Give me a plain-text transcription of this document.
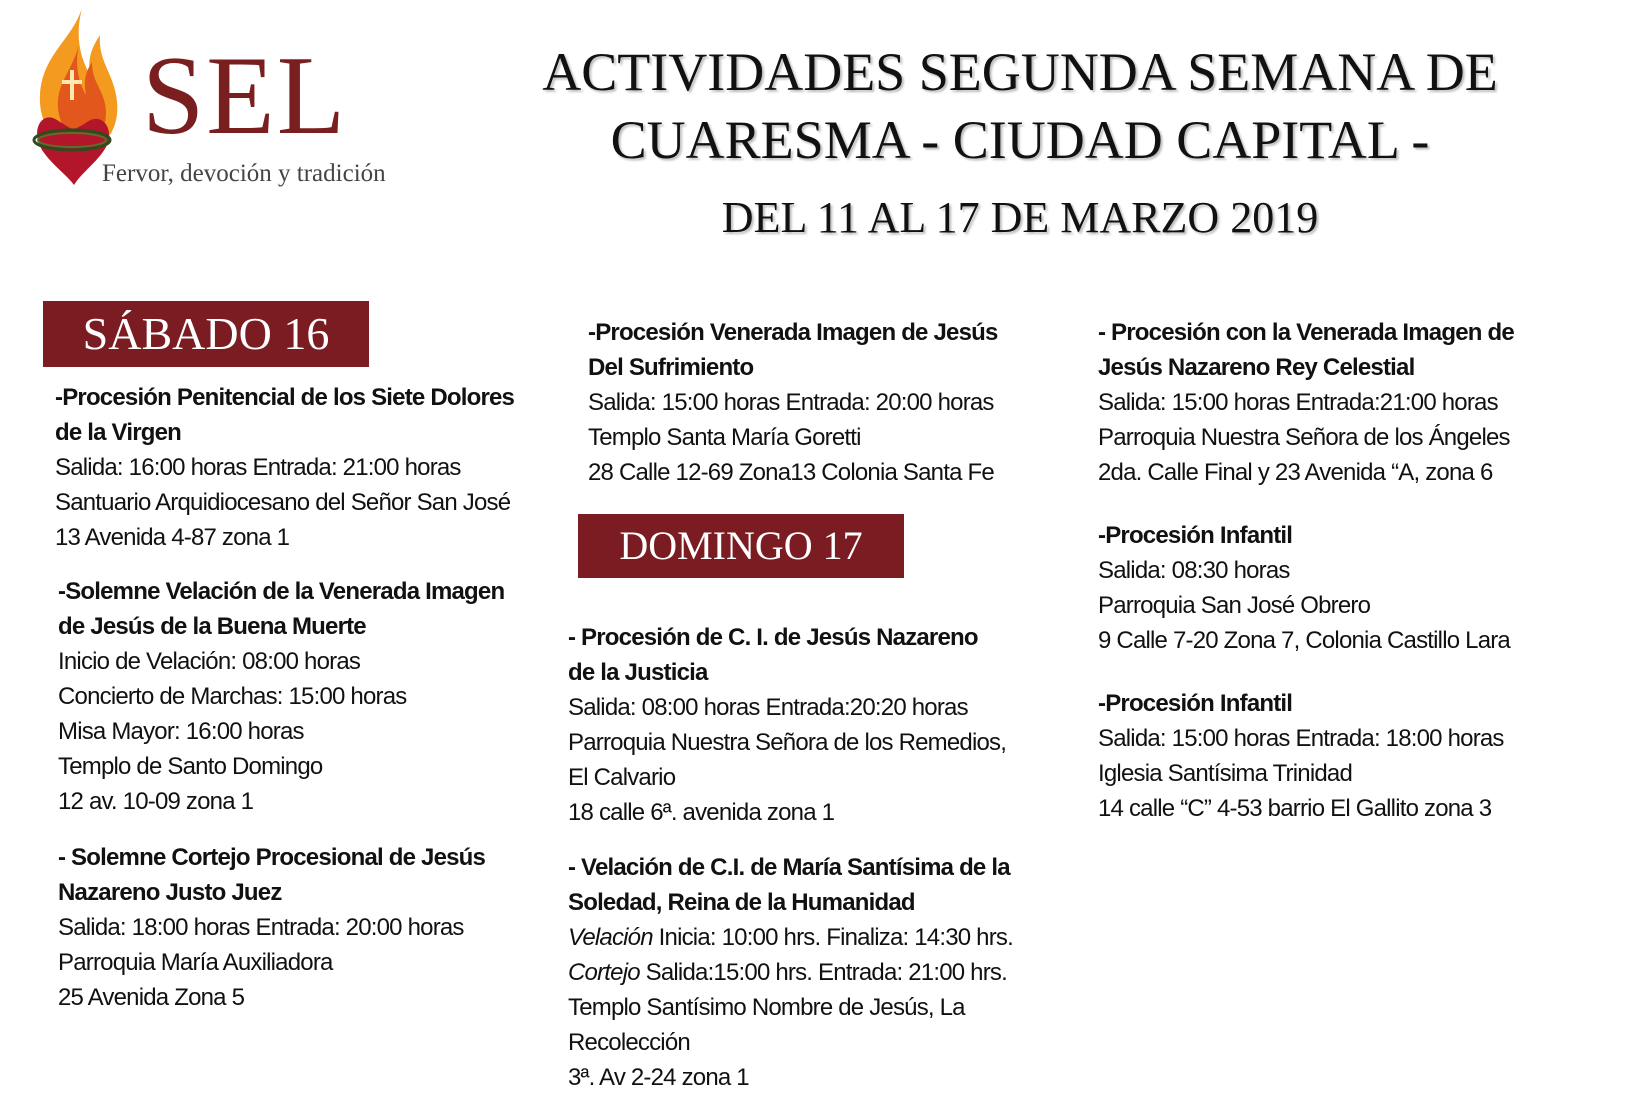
SEL
Fervor, devoción y tradición
ACTIVIDADES SEGUNDA SEMANA DE
CUARESMA - CIUDAD CAPITAL -
DEL 11 AL 17 DE MARZO 2019
SÁBADO 16
DOMINGO 17
-Procesión Penitencial de los Siete Dolores
de la Virgen
Salida: 16:00 horas Entrada: 21:00 horas
Santuario Arquidiocesano del Señor San José
13 Avenida 4-87 zona 1
-Solemne Velación de la Venerada Imagen
de Jesús de la Buena Muerte
Inicio de Velación: 08:00 horas
Concierto de Marchas: 15:00 horas
Misa Mayor: 16:00 horas
Templo de Santo Domingo
12 av. 10-09 zona 1
- Solemne Cortejo Procesional de Jesús
Nazareno Justo Juez
Salida: 18:00 horas Entrada: 20:00 horas
Parroquia María Auxiliadora
25 Avenida Zona 5
-Procesión Venerada Imagen de Jesús
Del Sufrimiento
Salida: 15:00 horas Entrada: 20:00 horas
Templo Santa María Goretti
28 Calle 12-69 Zona13 Colonia Santa Fe
- Procesión de C. I. de Jesús Nazareno
de la Justicia
Salida: 08:00 horas Entrada:20:20 horas
Parroquia Nuestra Señora de los Remedios,
El Calvario
18 calle 6ª. avenida zona 1
- Velación de C.I. de María Santísima de la
Soledad, Reina de la Humanidad
Velación Inicia: 10:00 hrs. Finaliza: 14:30 hrs.
Cortejo Salida:15:00 hrs. Entrada: 21:00 hrs.
Templo Santísimo Nombre de Jesús, La
Recolección
3ª. Av 2-24 zona 1
- Procesión con la Venerada Imagen de
Jesús Nazareno Rey Celestial
Salida: 15:00 horas Entrada:21:00 horas
Parroquia Nuestra Señora de los Ángeles
2da. Calle Final y 23 Avenida “A, zona 6
-Procesión Infantil
Salida: 08:30 horas
Parroquia San José Obrero
9 Calle 7-20 Zona 7, Colonia Castillo Lara
-Procesión Infantil
Salida: 15:00 horas Entrada: 18:00 horas
Iglesia Santísima Trinidad
14 calle “C” 4-53 barrio El Gallito zona 3
